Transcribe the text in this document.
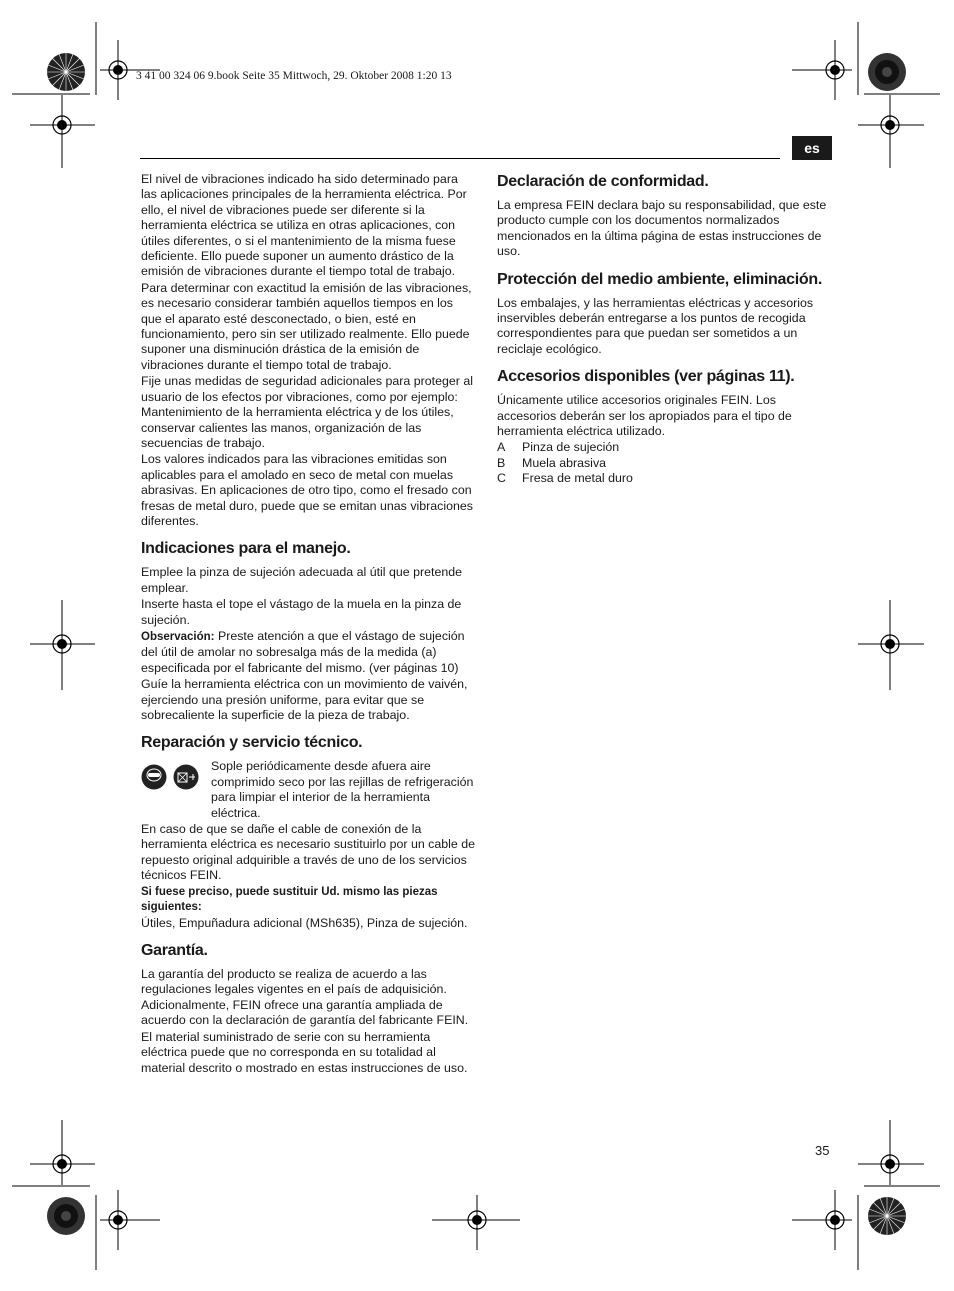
3 41 00 324 06 9.book Seite 35 Mittwoch, 29. Oktober 2008 1:20 13
es

El nivel de vibraciones indicado ha sido determinado para las aplicaciones principales de la herramienta eléctrica. Por ello, el nivel de vibraciones puede ser diferente si la herramienta eléctrica se utiliza en otras aplicaciones, con útiles diferentes, o si el mantenimiento de la misma fuese deficiente. Ello puede suponer un aumento drástico de la emisión de vibraciones durante el tiempo total de trabajo.

Para determinar con exactitud la emisión de las vibraciones, es necesario considerar también aquellos tiempos en los que el aparato esté desconectado, o bien, esté en funcionamiento, pero sin ser utilizado realmente. Ello puede suponer una disminución drástica de la emisión de vibraciones durante el tiempo total de trabajo.

Fije unas medidas de seguridad adicionales para proteger al usuario de los efectos por vibraciones, como por ejemplo: Mantenimiento de la herramienta eléctrica y de los útiles, conservar calientes las manos, organización de las secuencias de trabajo.

Los valores indicados para las vibraciones emitidas son aplicables para el amolado en seco de metal con muelas abrasivas. En aplicaciones de otro tipo, como el fresado con fresas de metal duro, puede que se emitan unas vibraciones diferentes.

Indicaciones para el manejo.

Emplee la pinza de sujeción adecuada al útil que pretende emplear.

Inserte hasta el tope el vástago de la muela en la pinza de sujeción.

Observación: Preste atención a que el vástago de sujeción del útil de amolar no sobresalga más de la medida (a) especificada por el fabricante del mismo. (ver páginas 10)

Guíe la herramienta eléctrica con un movimiento de vaivén, ejerciendo una presión uniforme, para evitar que se sobrecaliente la superficie de la pieza de trabajo.

Reparación y servicio técnico.

Sople periódicamente desde afuera aire comprimido seco por las rejillas de refrigeración para limpiar el interior de la herramienta eléctrica.

En caso de que se dañe el cable de conexión de la herramienta eléctrica es necesario sustituirlo por un cable de repuesto original adquirible a través de uno de los servicios técnicos FEIN.

Si fuese preciso, puede sustituir Ud. mismo las piezas siguientes:

Útiles, Empuñadura adicional (MSh635), Pinza de sujeción.

Garantía.

La garantía del producto se realiza de acuerdo a las regulaciones legales vigentes en el país de adquisición. Adicionalmente, FEIN ofrece una garantía ampliada de acuerdo con la declaración de garantía del fabricante FEIN.

El material suministrado de serie con su herramienta eléctrica puede que no corresponda en su totalidad al material descrito o mostrado en estas instrucciones de uso.

Declaración de conformidad.

La empresa FEIN declara bajo su responsabilidad, que este producto cumple con los documentos normalizados mencionados en la última página de estas instrucciones de uso.

Protección del medio ambiente, eliminación.

Los embalajes, y las herramientas eléctricas y accesorios inservibles deberán entregarse a los puntos de recogida correspondientes para que puedan ser sometidos a un reciclaje ecológico.

Accesorios disponibles (ver páginas 11).

Únicamente utilice accesorios originales FEIN. Los accesorios deberán ser los apropiados para el tipo de herramienta eléctrica utilizado.

A	Pinza de sujeción
B	Muela abrasiva
C	Fresa de metal duro
35
